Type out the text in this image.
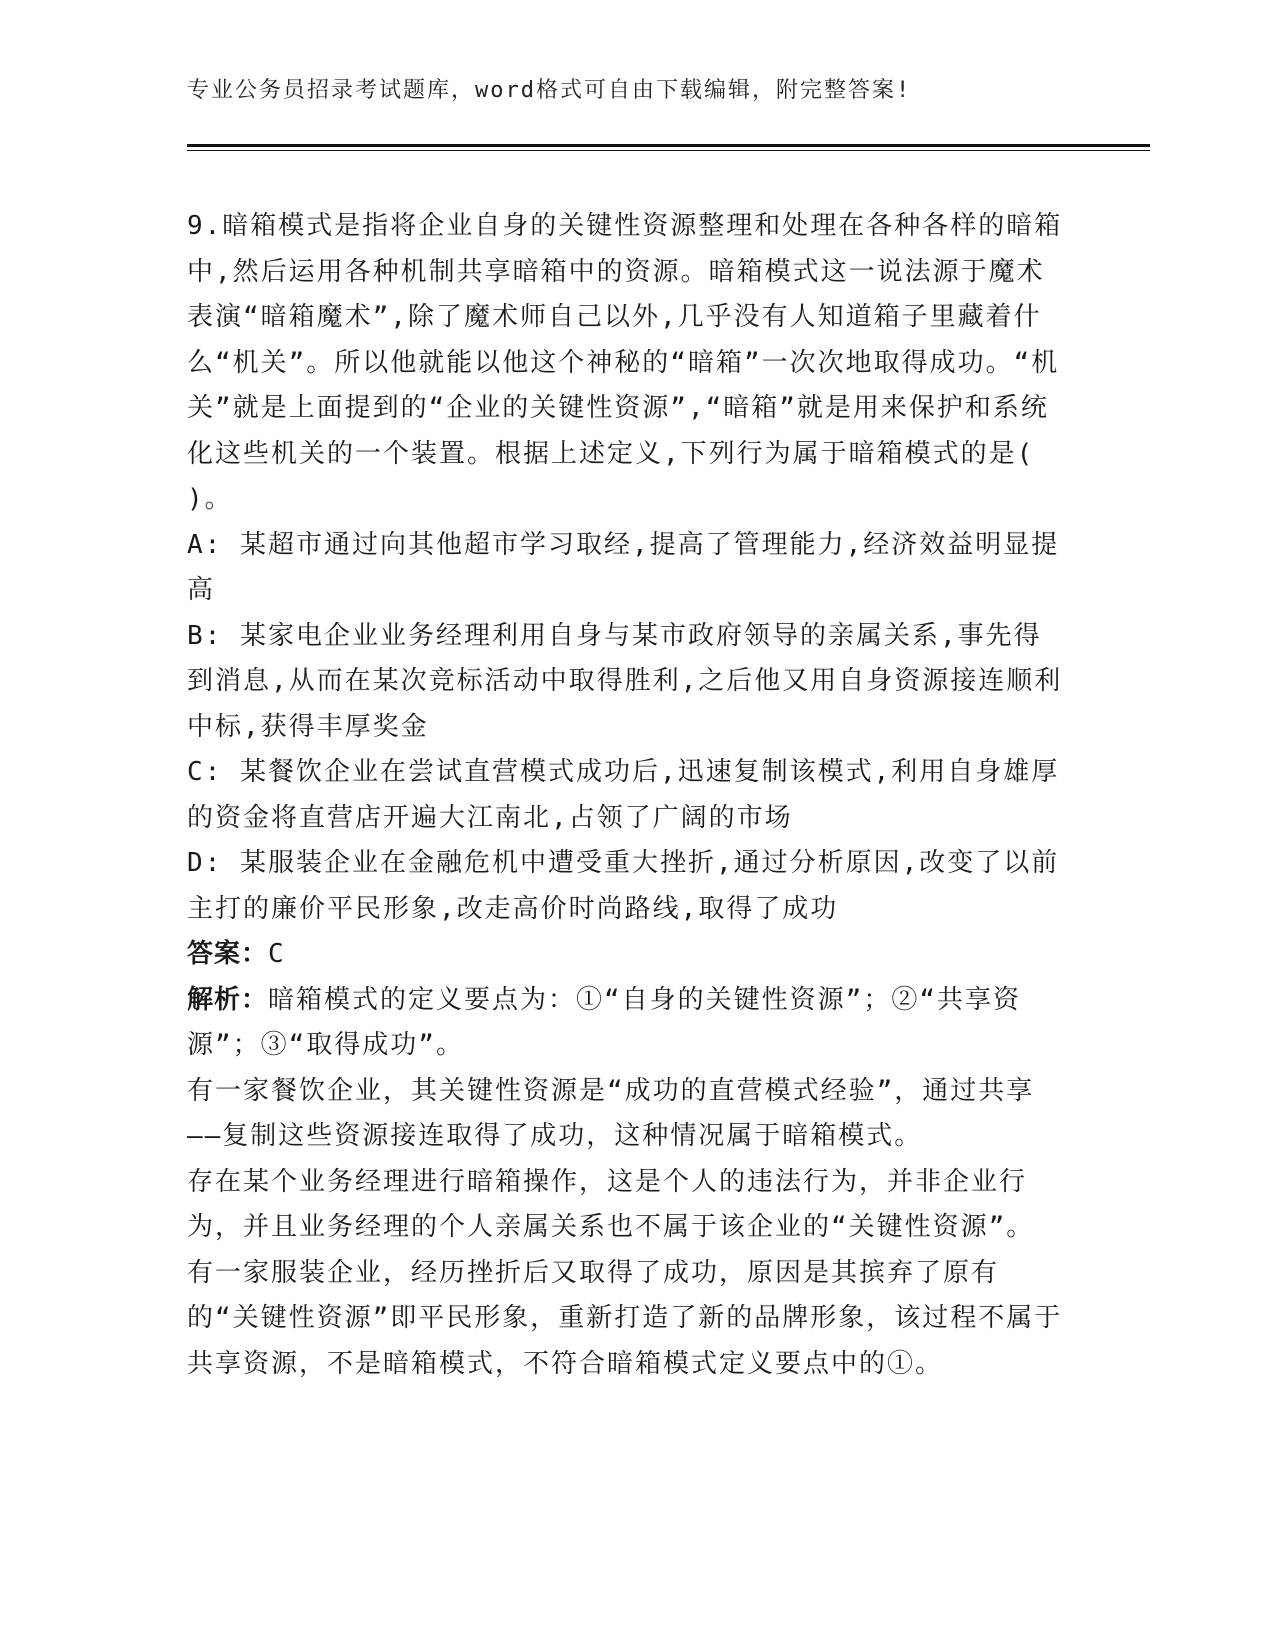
专业公务员招录考试题库，word格式可自由下载编辑，附完整答案!

9.暗箱模式是指将企业自身的关键性资源整理和处理在各种各样的暗箱中,然后运用各种机制共享暗箱中的资源。暗箱模式这一说法源于魔术表演“暗箱魔术”,除了魔术师自己以外,几乎没有人知道箱子里藏着什么“机关”。所以他就能以他这个神秘的“暗箱”一次次地取得成功。“机关”就是上面提到的“企业的关键性资源”,“暗箱”就是用来保护和系统化这些机关的一个装置。根据上述定义,下列行为属于暗箱模式的是( )。

A: 某超市通过向其他超市学习取经,提高了管理能力,经济效益明显提高

B: 某家电企业业务经理利用自身与某市政府领导的亲属关系,事先得到消息,从而在某次竞标活动中取得胜利,之后他又用自身资源接连顺利中标,获得丰厚奖金

C: 某餐饮企业在尝试直营模式成功后,迅速复制该模式,利用自身雄厚的资金将直营店开遍大江南北,占领了广阔的市场

D: 某服装企业在金融危机中遭受重大挫折,通过分析原因,改变了以前主打的廉价平民形象,改走高价时尚路线,取得了成功

答案：C

解析：暗箱模式的定义要点为：①“自身的关键性资源”；②“共享资源”；③“取得成功”。

有一家餐饮企业，其关键性资源是“成功的直营模式经验”，通过共享——复制这些资源接连取得了成功，这种情况属于暗箱模式。

存在某个业务经理进行暗箱操作，这是个人的违法行为，并非企业行为，并且业务经理的个人亲属关系也不属于该企业的“关键性资源”。

有一家服装企业，经历挫折后又取得了成功，原因是其摈弃了原有的“关键性资源”即平民形象，重新打造了新的品牌形象，该过程不属于共享资源，不是暗箱模式，不符合暗箱模式定义要点中的①。
